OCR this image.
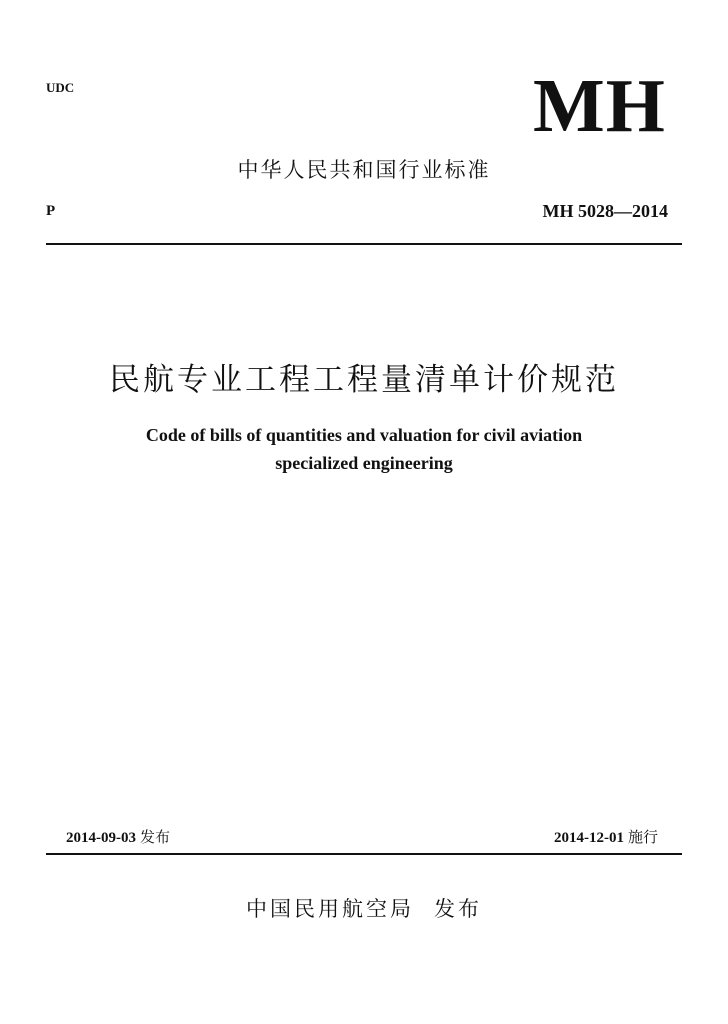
UDC	MH
中华人民共和国行业标准
P	MH 5028—2014
民航专业工程工程量清单计价规范
Code of bills of quantities and valuation for civil aviation
specialized engineering
2014-09-03 发布	2014-12-01 施行
中国民用航空局 发布
